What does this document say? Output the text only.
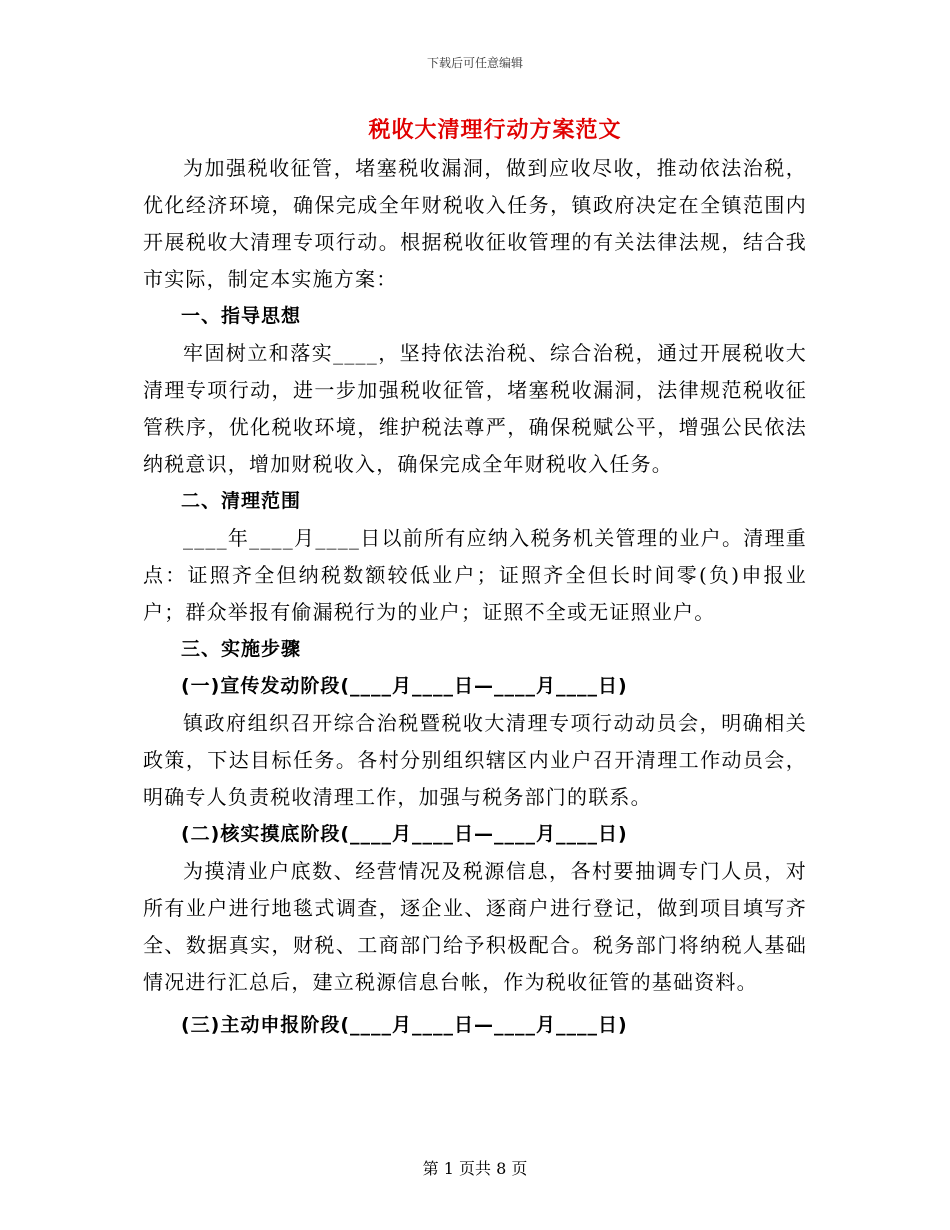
下载后可任意编辑
税收大清理行动方案范文

为加强税收征管，堵塞税收漏洞，做到应收尽收，推动依法治税，优化经济环境，确保完成全年财税收入任务，镇政府决定在全镇范围内开展税收大清理专项行动。根据税收征收管理的有关法律法规，结合我市实际，制定本实施方案：

一、指导思想

牢固树立和落实____，坚持依法治税、综合治税，通过开展税收大清理专项行动，进一步加强税收征管，堵塞税收漏洞，法律规范税收征管秩序，优化税收环境，维护税法尊严，确保税赋公平，增强公民依法纳税意识，增加财税收入，确保完成全年财税收入任务。

二、清理范围

____年____月____日以前所有应纳入税务机关管理的业户。清理重点：证照齐全但纳税数额较低业户；证照齐全但长时间零(负)申报业户；群众举报有偷漏税行为的业户；证照不全或无证照业户。

三、实施步骤

(一)宣传发动阶段(____月____日—____月____日)

镇政府组织召开综合治税暨税收大清理专项行动动员会，明确相关政策，下达目标任务。各村分别组织辖区内业户召开清理工作动员会，明确专人负责税收清理工作，加强与税务部门的联系。

(二)核实摸底阶段(____月____日—____月____日)

为摸清业户底数、经营情况及税源信息，各村要抽调专门人员，对所有业户进行地毯式调查，逐企业、逐商户进行登记，做到项目填写齐全、数据真实，财税、工商部门给予积极配合。税务部门将纳税人基础情况进行汇总后，建立税源信息台帐，作为税收征管的基础资料。

(三)主动申报阶段(____月____日—____月____日)

第 1 页共 8 页
